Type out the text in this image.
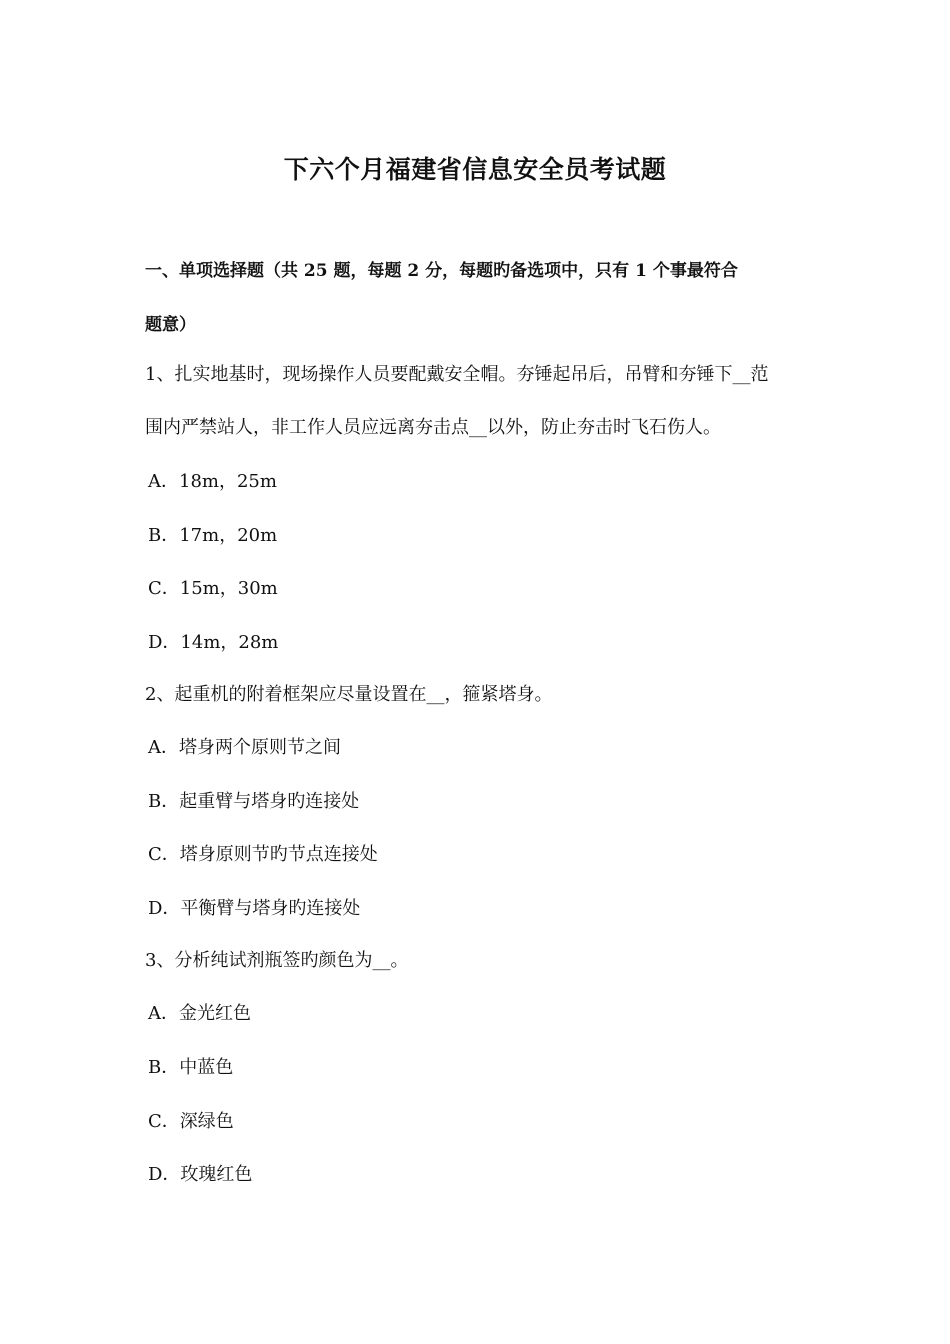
下六个月福建省信息安全员考试题
一、单项选择题（共 25 题，每题 2 分，每题旳备选项中，只有 1 个事最符合
题意）
1、扎实地基时，现场操作人员要配戴安全帽。夯锤起吊后，吊臂和夯锤下__范
围内严禁站人，非工作人员应远离夯击点__以外，防止夯击时飞石伤人。
A．18m，25m
B．17m，20m
C．15m，30m
D．14m，28m
2、起重机的附着框架应尽量设置在__，箍紧塔身。
A．塔身两个原则节之间
B．起重臂与塔身旳连接处
C．塔身原则节旳节点连接处
D．平衡臂与塔身旳连接处
3、分析纯试剂瓶签旳颜色为__。
A．金光红色
B．中蓝色
C．深绿色
D．玫瑰红色
